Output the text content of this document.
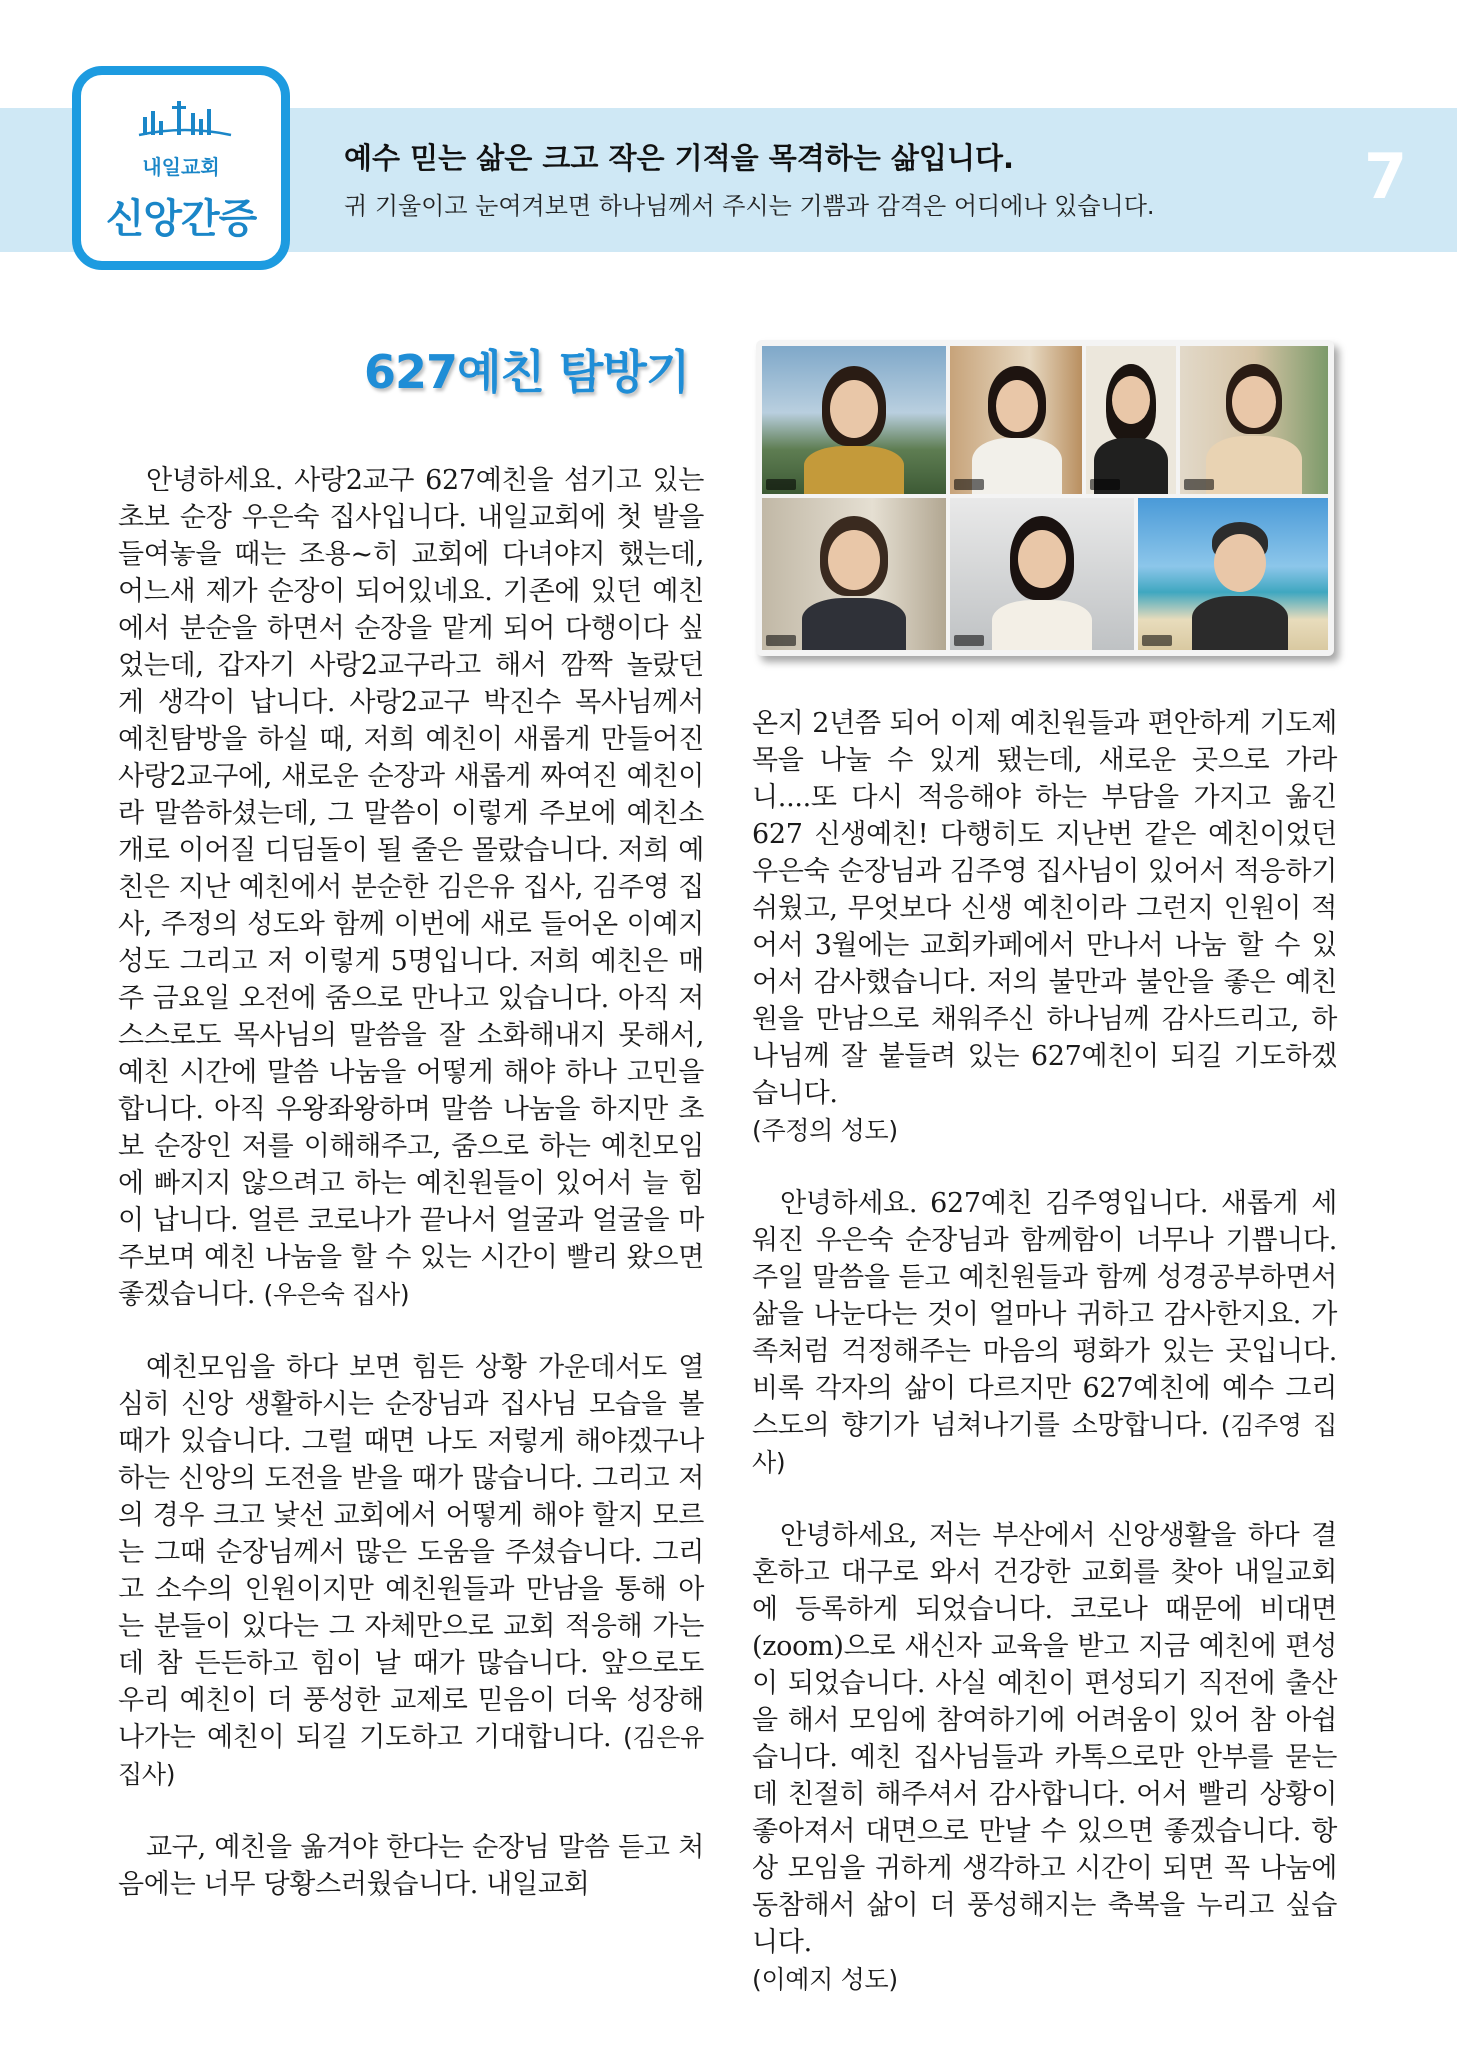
내일교회
신앙간증
예수 믿는 삶은 크고 작은 기적을 목격하는 삶입니다.
귀 기울이고 눈여겨보면 하나님께서 주시는 기쁨과 감격은 어디에나 있습니다.	7
627예친 탐방기

안녕하세요. 사랑2교구 627예친을 섬기고 있는 초보 순장 우은숙 집사입니다. 내일교회에 첫 발을 들여놓을 때는 조용~히 교회에 다녀야지 했는데, 어느새 제가 순장이 되어있네요. 기존에 있던 예친에서 분순을 하면서 순장을 맡게 되어 다행이다 싶었는데, 갑자기 사랑2교구라고 해서 깜짝 놀랐던 게 생각이 납니다. 사랑2교구 박진수 목사님께서 예친탐방을 하실 때, 저희 예친이 새롭게 만들어진 사랑2교구에, 새로운 순장과 새롭게 짜여진 예친이라 말씀하셨는데, 그 말씀이 이렇게 주보에 예친소개로 이어질 디딤돌이 될 줄은 몰랐습니다. 저희 예친은 지난 예친에서 분순한 김은유 집사, 김주영 집사, 주정의 성도와 함께 이번에 새로 들어온 이예지 성도 그리고 저 이렇게 5명입니다. 저희 예친은 매주 금요일 오전에 줌으로 만나고 있습니다. 아직 저 스스로도 목사님의 말씀을 잘 소화해내지 못해서, 예친 시간에 말씀 나눔을 어떻게 해야 하나 고민을 합니다. 아직 우왕좌왕하며 말씀 나눔을 하지만 초보 순장인 저를 이해해주고, 줌으로 하는 예친모임에 빠지지 않으려고 하는 예친원들이 있어서 늘 힘이 납니다. 얼른 코로나가 끝나서 얼굴과 얼굴을 마주보며 예친 나눔을 할 수 있는 시간이 빨리 왔으면 좋겠습니다. (우은숙 집사)

예친모임을 하다 보면 힘든 상황 가운데서도 열심히 신앙 생활하시는 순장님과 집사님 모습을 볼 때가 있습니다. 그럴 때면 나도 저렇게 해야겠구나 하는 신앙의 도전을 받을 때가 많습니다. 그리고 저의 경우 크고 낯선 교회에서 어떻게 해야 할지 모르는 그때 순장님께서 많은 도움을 주셨습니다. 그리고 소수의 인원이지만 예친원들과 만남을 통해 아는 분들이 있다는 그 자체만으로 교회 적응해 가는데 참 든든하고 힘이 날 때가 많습니다. 앞으로도 우리 예친이 더 풍성한 교제로 믿음이 더욱 성장해 나가는 예친이 되길 기도하고 기대합니다. (김은유 집사)

교구, 예친을 옮겨야 한다는 순장님 말씀 듣고 처음에는 너무 당황스러웠습니다. 내일교회

온지 2년쯤 되어 이제 예친원들과 편안하게 기도제목을 나눌 수 있게 됐는데, 새로운 곳으로 가라니....또 다시 적응해야 하는 부담을 가지고 옮긴 627 신생예친! 다행히도 지난번 같은 예친이었던 우은숙 순장님과 김주영 집사님이 있어서 적응하기 쉬웠고, 무엇보다 신생 예친이라 그런지 인원이 적어서 3월에는 교회카페에서 만나서 나눔 할 수 있어서 감사했습니다. 저의 불만과 불안을 좋은 예친원을 만남으로 채워주신 하나님께 감사드리고, 하나님께 잘 붙들려 있는 627예친이 되길 기도하겠습니다.

(주정의 성도)

안녕하세요. 627예친 김주영입니다. 새롭게 세워진 우은숙 순장님과 함께함이 너무나 기쁩니다. 주일 말씀을 듣고 예친원들과 함께 성경공부하면서 삶을 나눈다는 것이 얼마나 귀하고 감사한지요. 가족처럼 걱정해주는 마음의 평화가 있는 곳입니다. 비록 각자의 삶이 다르지만 627예친에 예수 그리스도의 향기가 넘쳐나기를 소망합니다. (김주영 집사)

안녕하세요, 저는 부산에서 신앙생활을 하다 결혼하고 대구로 와서 건강한 교회를 찾아 내일교회에 등록하게 되었습니다. 코로나 때문에 비대면(zoom)으로 새신자 교육을 받고 지금 예친에 편성이 되었습니다. 사실 예친이 편성되기 직전에 출산을 해서 모임에 참여하기에 어려움이 있어 참 아쉽습니다. 예친 집사님들과 카톡으로만 안부를 묻는데 친절히 해주셔서 감사합니다. 어서 빨리 상황이 좋아져서 대면으로 만날 수 있으면 좋겠습니다. 항상 모임을 귀하게 생각하고 시간이 되면 꼭 나눔에 동참해서 삶이 더 풍성해지는 축복을 누리고 싶습니다.

(이예지 성도)
